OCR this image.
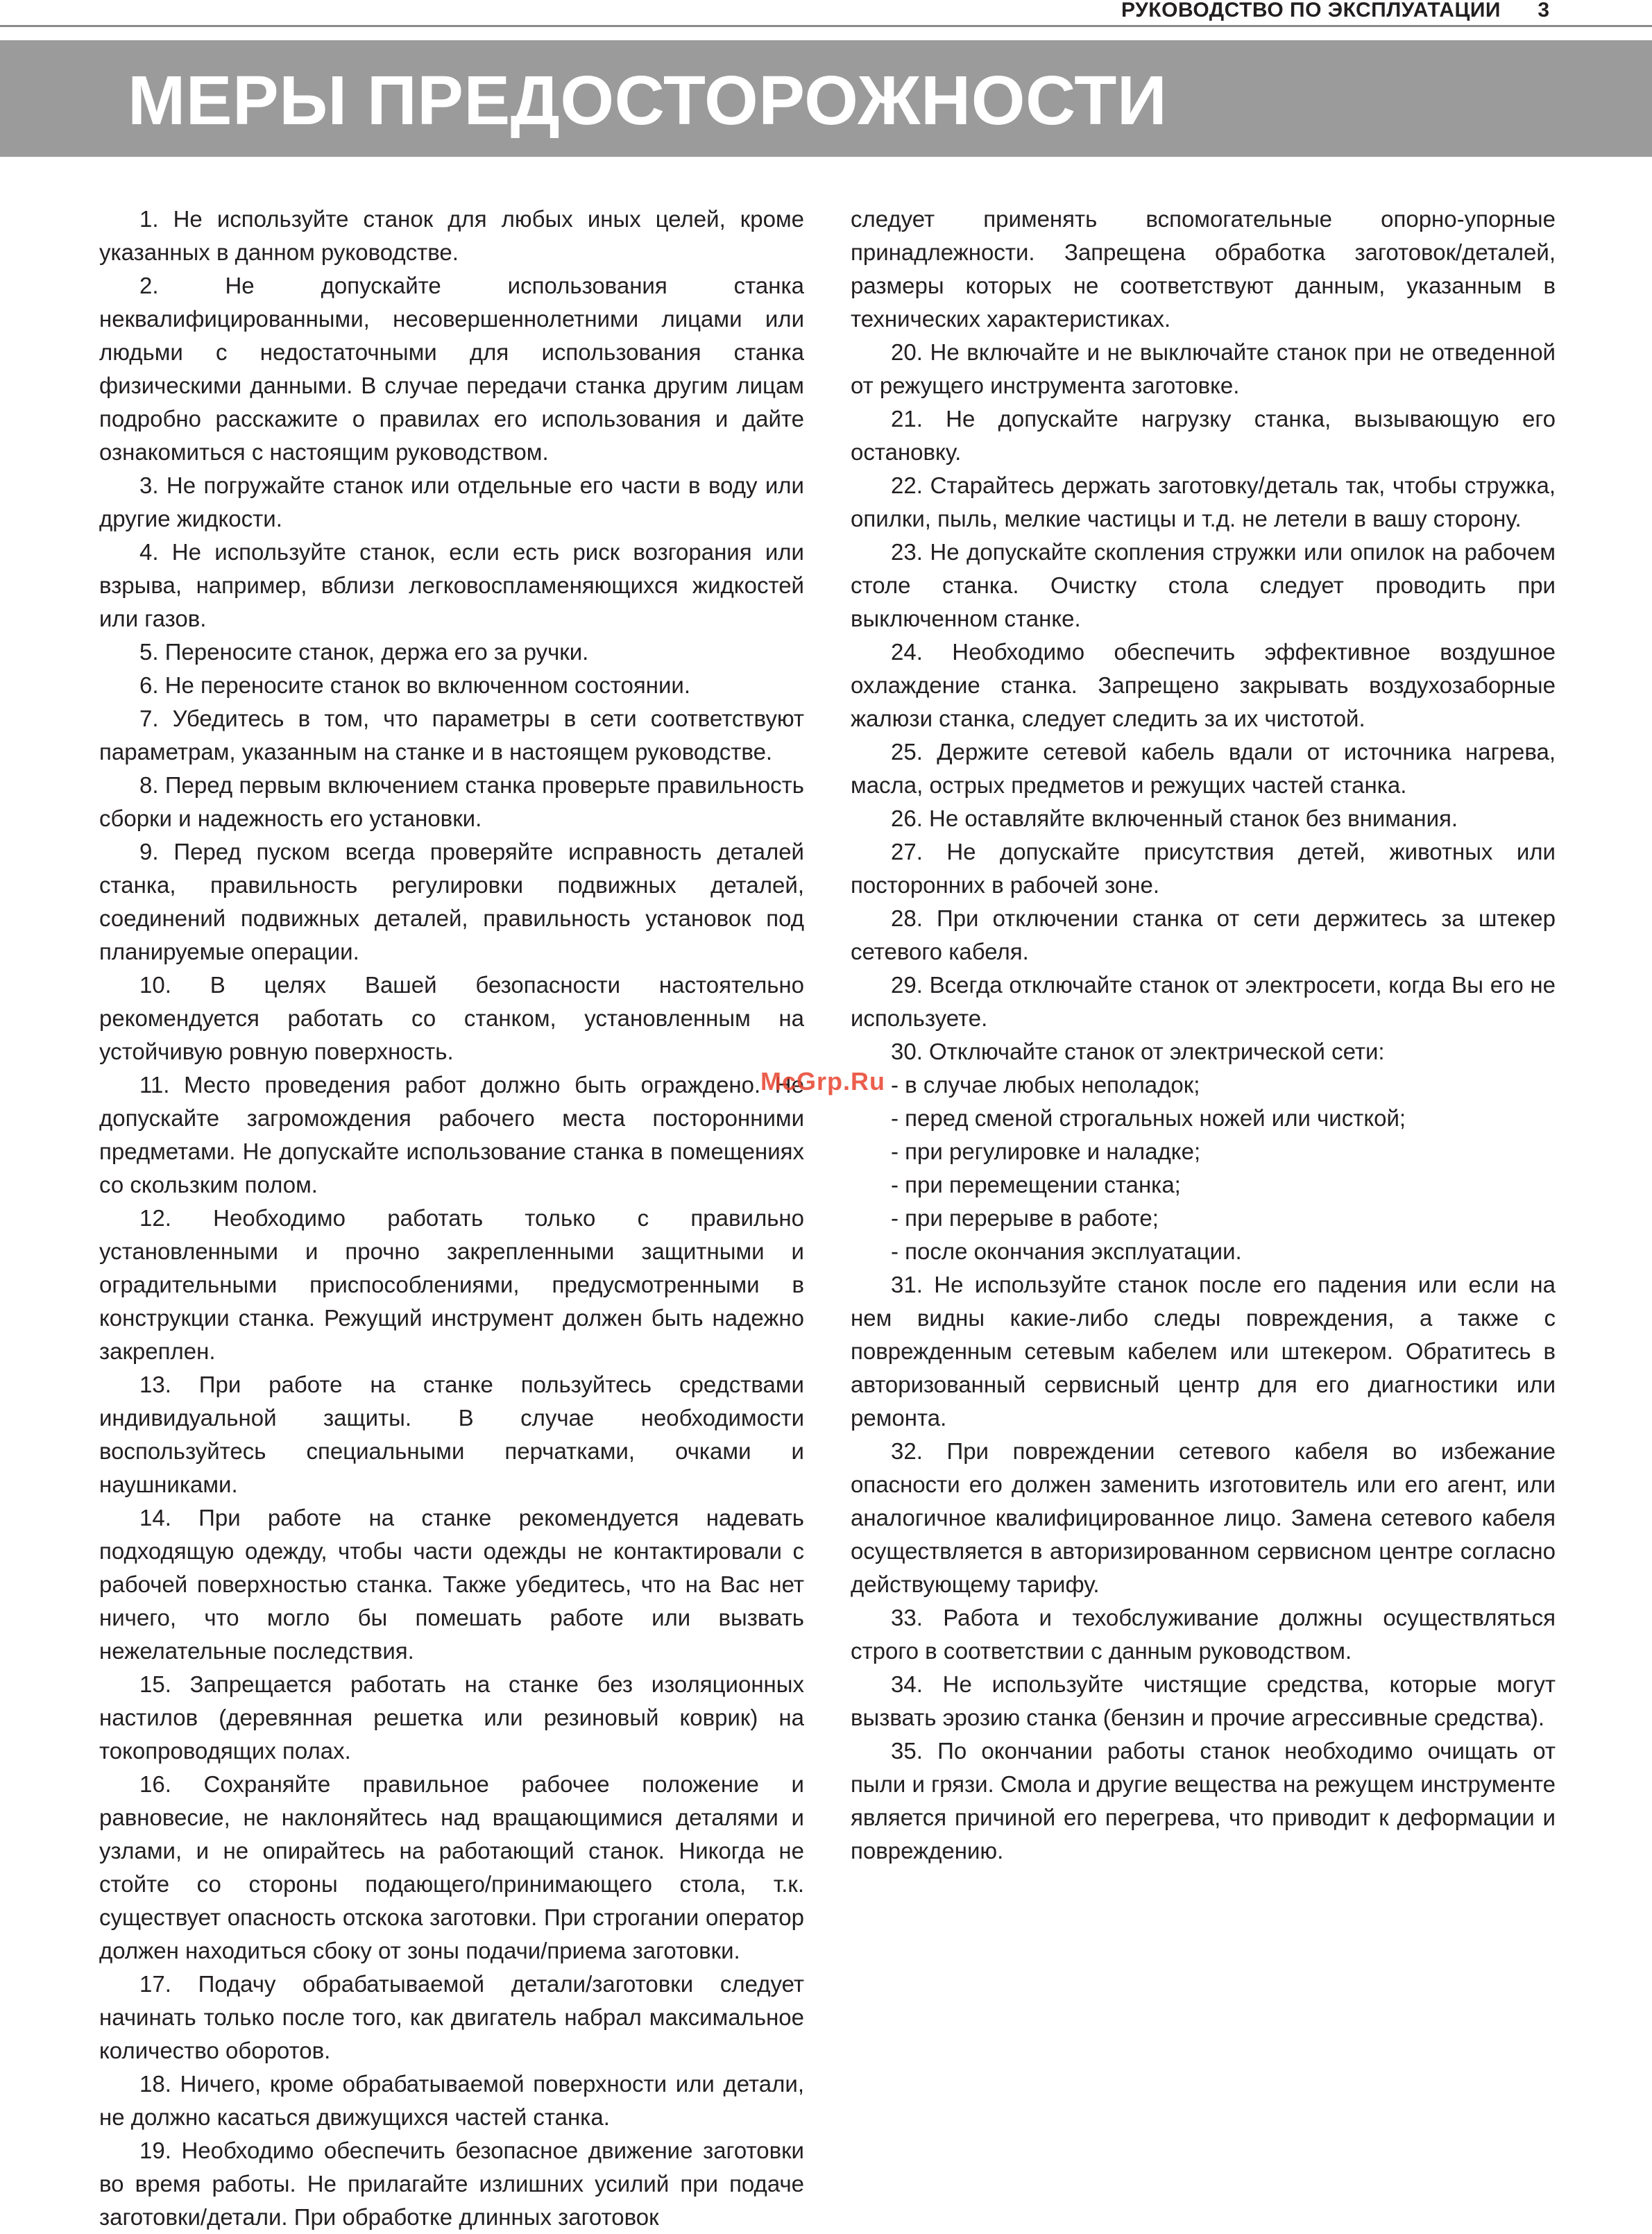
РУКОВОДСТВО ПО ЭКСПЛУАТАЦИИ 3
МЕРЫ ПРЕДОСТОРОЖНОСТИ

1. Не используйте станок для любых иных целей, кроме указанных в данном руководстве.

2. Не допускайте использования станка неквалифицированными, несовершеннолетними лицами или людьми с недостаточными для использования станка физическими данными. В случае передачи станка другим лицам подробно расскажите о правилах его использования и дайте ознакомиться с настоящим руководством.

3. Не погружайте станок или отдельные его части в воду или другие жидкости.

4. Не используйте станок, если есть риск возгорания или взрыва, например, вблизи легковоспламеняющихся жидкостей или газов.

5. Переносите станок, держа его за ручки.

6. Не переносите станок во включенном состоянии.

7. Убедитесь в том, что параметры в сети соответствуют параметрам, указанным на станке и в настоящем руководстве.

8. Перед первым включением станка проверьте правильность сборки и надежность его установки.

9. Перед пуском всегда проверяйте исправность деталей станка, правильность регулировки подвижных деталей, соединений подвижных деталей, правильность установок под планируемые операции.

10. В целях Вашей безопасности настоятельно рекомендуется работать со станком, установленным на устойчивую ровную поверхность.

11. Место проведения работ должно быть ограждено. Не допускайте загромождения рабочего места посторонними предметами. Не допускайте использование станка в помещениях со скользким полом.

12. Необходимо работать только с правильно установленными и прочно закрепленными защитными и оградительными приспособлениями, предусмотренными в конструкции станка. Режущий инструмент должен быть надежно закреплен.

13. При работе на станке пользуйтесь средствами индивидуальной защиты. В случае необходимости воспользуйтесь специальными перчатками, очками и наушниками.

14. При работе на станке рекомендуется надевать подходящую одежду, чтобы части одежды не контактировали с рабочей поверхностью станка. Также убедитесь, что на Вас нет ничего, что могло бы помешать работе или вызвать нежелательные последствия.

15. Запрещается работать на станке без изоляционных настилов (деревянная решетка или резиновый коврик) на токопроводящих полах.

16. Сохраняйте правильное рабочее положение и равновесие, не наклоняйтесь над вращающимися деталями и узлами, и не опирайтесь на работающий станок. Никогда не стойте со стороны подающего/принимающего стола, т.к. существует опасность отскока заготовки. При строгании оператор должен находиться сбоку от зоны подачи/приема заготовки.

17. Подачу обрабатываемой детали/заготовки следует начинать только после того, как двигатель набрал максимальное количество оборотов.

18. Ничего, кроме обрабатываемой поверхности или детали, не должно касаться движущихся частей станка.

19. Необходимо обеспечить безопасное движение заготовки во время работы. Не прилагайте излишних усилий при подаче заготовки/детали. При обработке длинных заготовок

следует применять вспомогательные опорно-упорные принадлежности. Запрещена обработка заготовок/деталей, размеры которых не соответствуют данным, указанным в технических характеристиках.

20. Не включайте и не выключайте станок при не отведенной от режущего инструмента заготовке.

21. Не допускайте нагрузку станка, вызывающую его остановку.

22. Старайтесь держать заготовку/деталь так, чтобы стружка, опилки, пыль, мелкие частицы и т.д. не летели в вашу сторону.

23. Не допускайте скопления стружки или опилок на рабочем столе станка. Очистку стола следует проводить при выключенном станке.

24. Необходимо обеспечить эффективное воздушное охлаждение станка. Запрещено закрывать воздухозаборные жалюзи станка, следует следить за их чистотой.

25. Держите сетевой кабель вдали от источника нагрева, масла, острых предметов и режущих частей станка.

26. Не оставляйте включенный станок без внимания.

27. Не допускайте присутствия детей, животных или посторонних в рабочей зоне.

28. При отключении станка от сети держитесь за штекер сетевого кабеля.

29. Всегда отключайте станок от электросети, когда Вы его не используете.

30. Отключайте станок от электрической сети:

- в случае любых неполадок;

- перед сменой строгальных ножей или чисткой;

- при регулировке и наладке;

- при перемещении станка;

- при перерыве в работе;

- после окончания эксплуатации.

31. Не используйте станок после его падения или если на нем видны какие-либо следы повреждения, а также с поврежденным сетевым кабелем или штекером. Обратитесь в авторизованный сервисный центр для его диагностики или ремонта.

32. При повреждении сетевого кабеля во избежание опасности его должен заменить изготовитель или его агент, или аналогичное квалифицированное лицо. Замена сетевого кабеля осуществляется в авторизированном сервисном центре согласно действующему тарифу.

33. Работа и техобслуживание должны осуществляться строго в соответствии с данным руководством.

34. Не используйте чистящие средства, которые могут вызвать эрозию станка (бензин и прочие агрессивные средства).

35. По окончании работы станок необходимо очищать от пыли и грязи. Смола и другие вещества на режущем инструменте является причиной его перегрева, что приводит к деформации и повреждению.

McGrp.Ru
